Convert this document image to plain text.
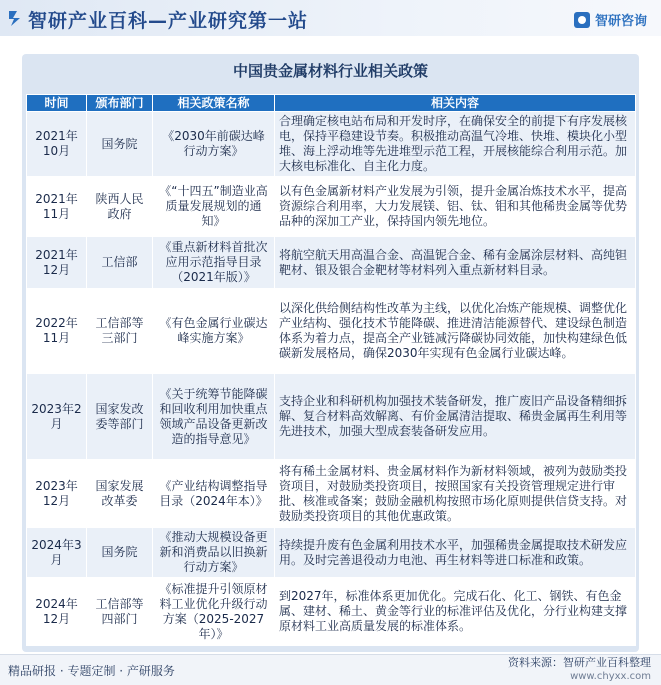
智研产业百科—产业研究第一站	智研咨询
中国贵金属材料行业相关政策
时间	颁布部门	相关政策名称	相关内容
2021年10月	国务院	《2030年前碳达峰行动方案》	合理确定核电站布局和开发时序，在确保安全的前提下有序发展核电，保持平稳建设节奏。积极推动高温气冷堆、快堆、模块化小型堆、海上浮动堆等先进堆型示范工程，开展核能综合利用示范。加大核电标准化、自主化力度。
2021年11月	陕西人民政府	《“十四五”制造业高质量发展规划的通知》	以有色金属新材料产业发展为引领，提升金属冶炼技术水平，提高资源综合利用率，大力发展镁、铝、钛、钼和其他稀贵金属等优势品种的深加工产业，保持国内领先地位。
2021年12月	工信部	《重点新材料首批次应用示范指导目录（2021年版）》	将航空航天用高温合金、高温铌合金、稀有金属涂层材料、高纯钽靶材、银及银合金靶材等材料列入重点新材料目录。
2022年11月	工信部等三部门	《有色金属行业碳达峰实施方案》	以深化供给侧结构性改革为主线，以优化冶炼产能规模、调整优化产业结构、强化技术节能降碳、推进清洁能源替代、建设绿色制造体系为着力点，提高全产业链减污降碳协同效能，加快构建绿色低碳新发展格局，确保2030年实现有色金属行业碳达峰。
2023年2月	国家发改委等部门	《关于统筹节能降碳和回收利用加快重点领域产品设备更新改造的指导意见》	支持企业和科研机构加强技术装备研发，推广废旧产品设备精细拆解、复合材料高效解离、有价金属清洁提取、稀贵金属再生利用等先进技术，加强大型成套装备研发应用。
2023年12月	国家发展改革委	《产业结构调整指导目录（2024年本）》	将有稀土金属材料、贵金属材料作为新材料领域，被列为鼓励类投资项目，对鼓励类投资项目，按照国家有关投资管理规定进行审批、核准或备案；鼓励金融机构按照市场化原则提供信贷支持。对鼓励类投资项目的其他优惠政策。
2024年3月	国务院	《推动大规模设备更新和消费品以旧换新行动方案》	持续提升废有色金属利用技术水平，加强稀贵金属提取技术研发应用。及时完善退役动力电池、再生材料等进口标准和政策。
2024年12月	工信部等四部门	《标准提升引领原材料工业优化升级行动方案（2025-2027年）》	到2027年，标准体系更加优化。完成石化、化工、钢铁、有色金属、建材、稀土、黄金等行业的标准评估及优化，分行业构建支撑原材料工业高质量发展的标准体系。
精品研报 · 专题定制 · 产研服务
资料来源：智研产业百科整理
www.chyxx.com
